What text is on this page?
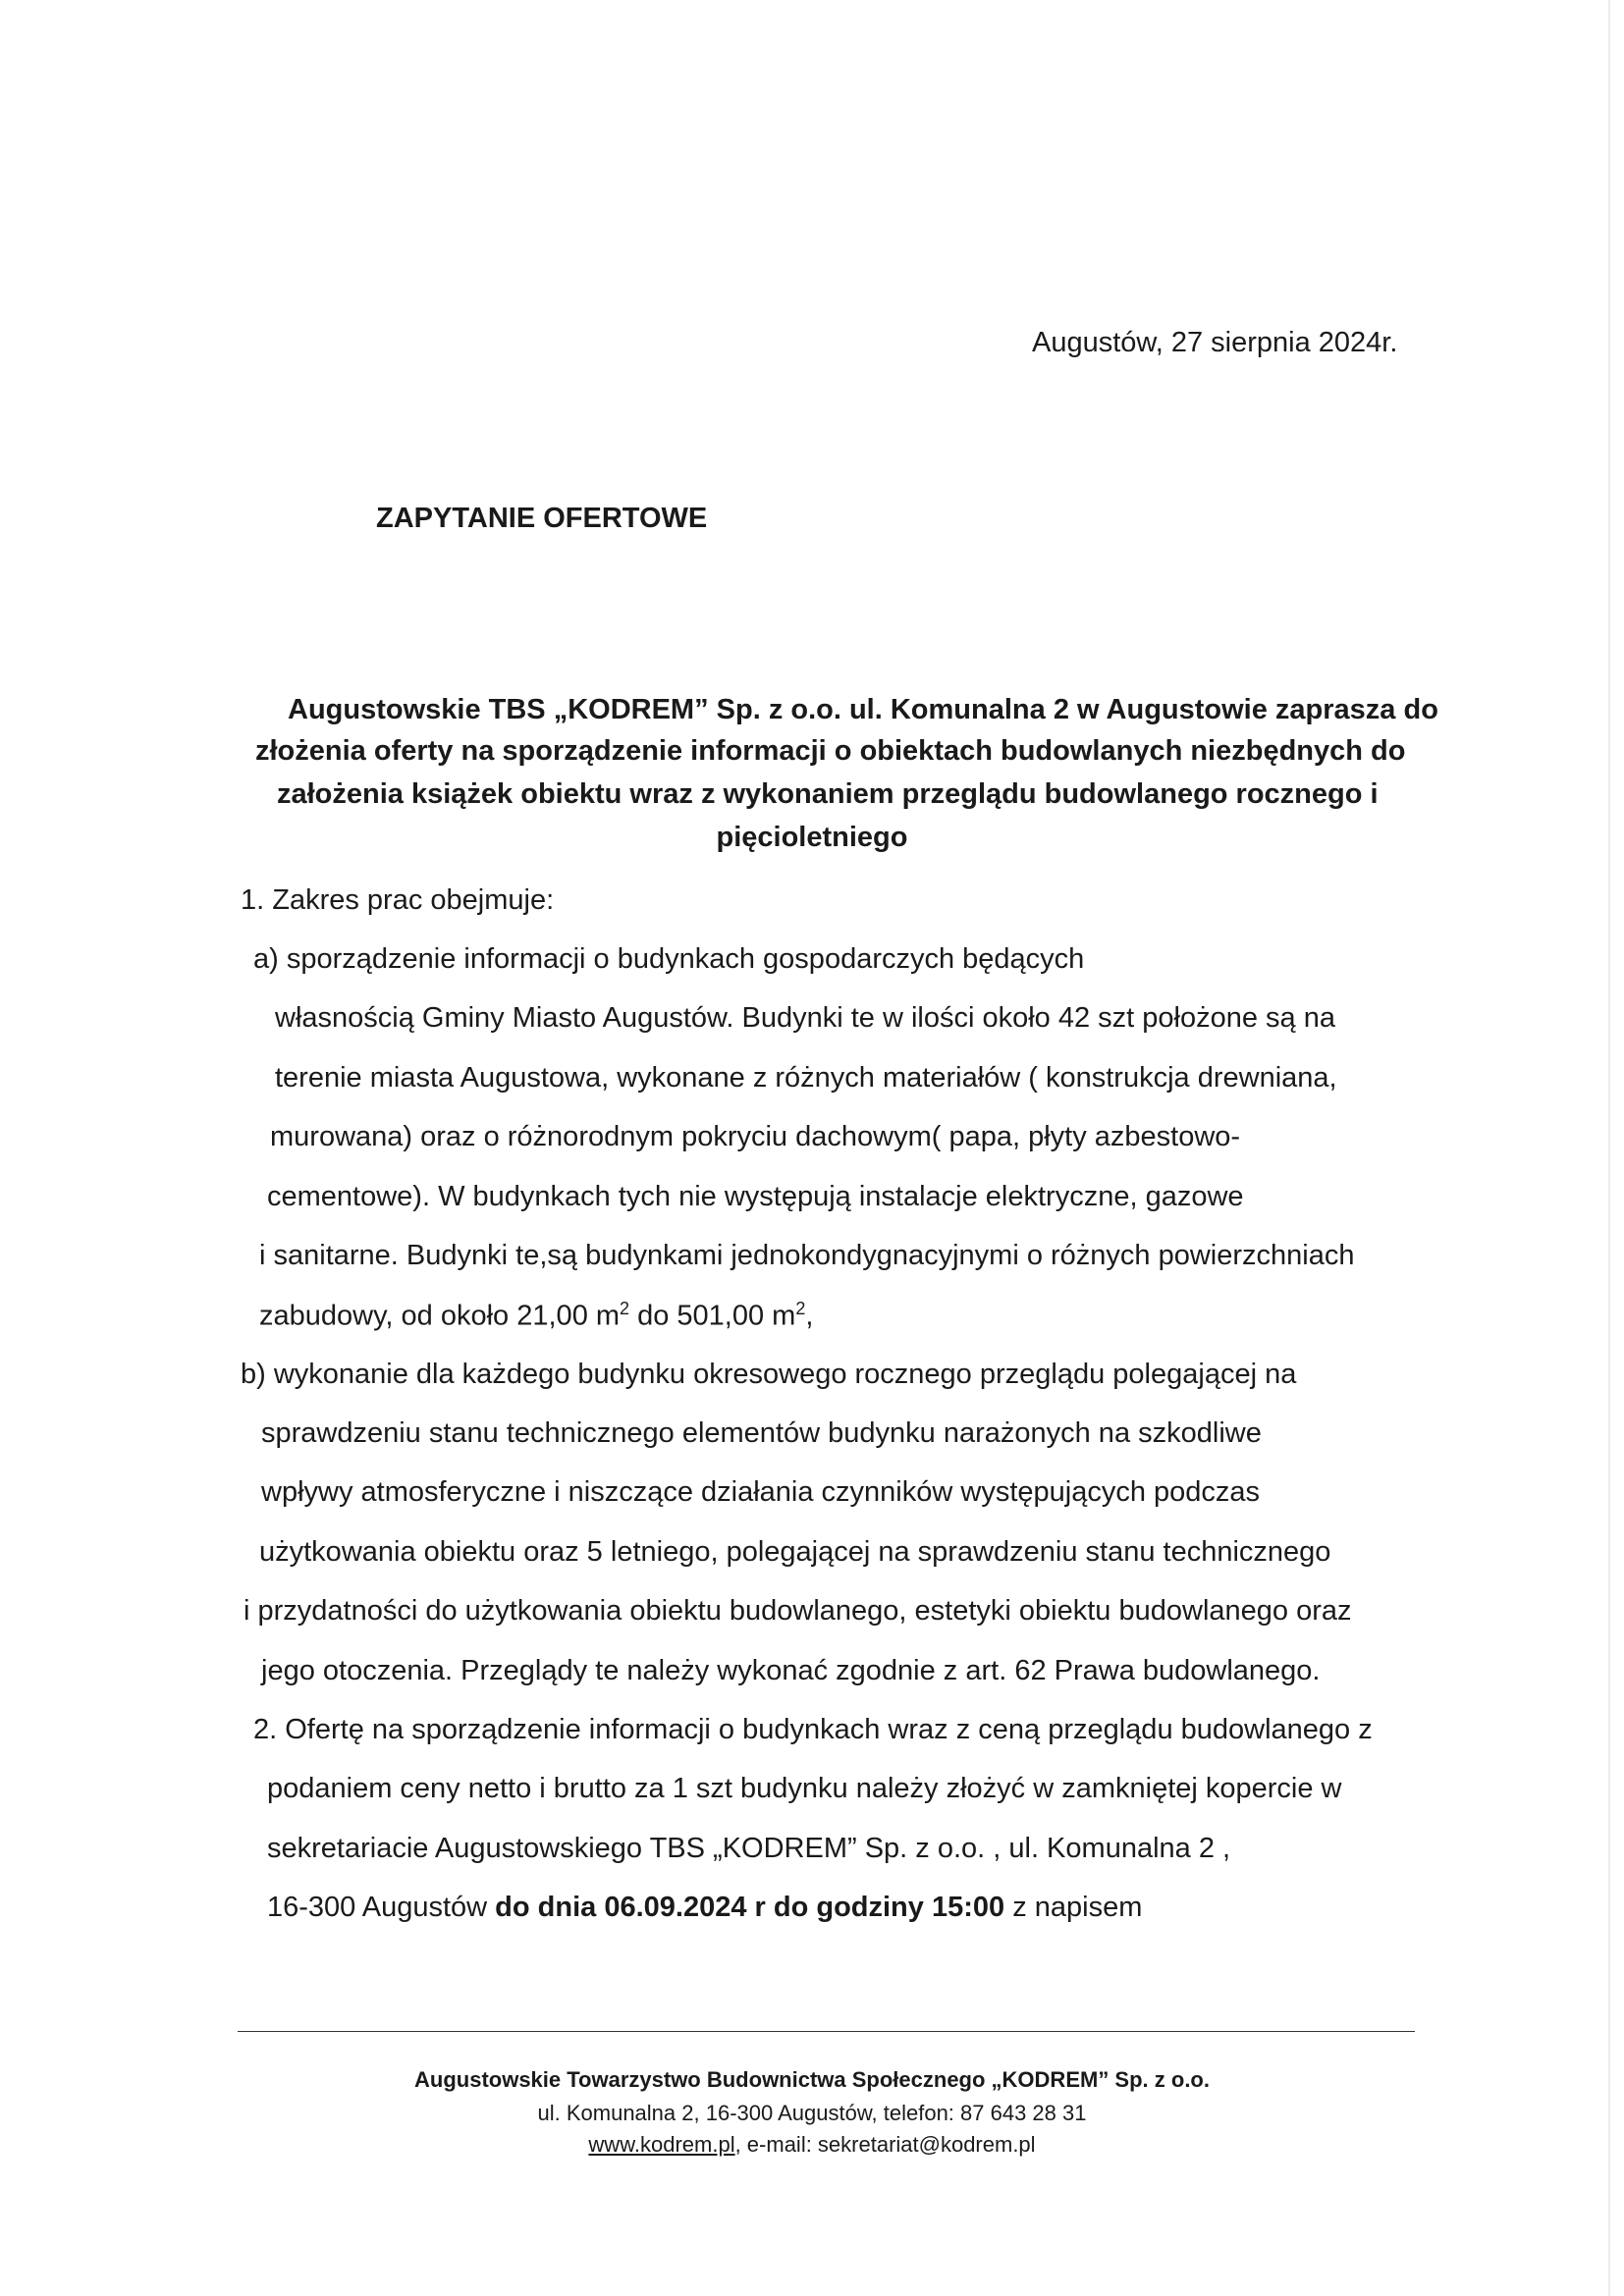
Augustów, 27 sierpnia 2024r.
ZAPYTANIE OFERTOWE
Augustowskie TBS „KODREM” Sp. z o.o. ul. Komunalna 2 w Augustowie zaprasza do
złożenia oferty na sporządzenie informacji o obiektach budowlanych niezbędnych do
założenia książek obiektu wraz z wykonaniem przeglądu budowlanego rocznego i
pięcioletniego
1. Zakres prac obejmuje:
a) sporządzenie informacji o budynkach gospodarczych będących
własnością Gminy Miasto Augustów. Budynki te w ilości około 42 szt położone są na
terenie miasta Augustowa, wykonane z różnych materiałów ( konstrukcja drewniana,
murowana) oraz o różnorodnym pokryciu dachowym( papa, płyty azbestowo-
cementowe). W budynkach tych nie występują instalacje elektryczne, gazowe
i sanitarne. Budynki te,są budynkami jednokondygnacyjnymi o różnych powierzchniach
zabudowy, od około 21,00 $m^2$ do 501,00 $m^2$,
b) wykonanie dla każdego budynku okresowego rocznego przeglądu polegającej na
sprawdzeniu stanu technicznego elementów budynku narażonych na szkodliwe
wpływy atmosferyczne i niszczące działania czynników występujących podczas
użytkowania obiektu oraz 5 letniego, polegającej na sprawdzeniu stanu technicznego
i przydatności do użytkowania obiektu budowlanego, estetyki obiektu budowlanego oraz
jego otoczenia. Przeglądy te należy wykonać zgodnie z art. 62 Prawa budowlanego.
2. Ofertę na sporządzenie informacji o budynkach wraz z ceną przeglądu budowlanego z
podaniem ceny netto i brutto za 1 szt budynku należy złożyć w zamkniętej kopercie w
sekretariacie Augustowskiego TBS „KODREM” Sp. z o.o. , ul. Komunalna 2 ,
16-300 Augustów do dnia 06.09.2024 r do godziny 15:00 z napisem
Augustowskie Towarzystwo Budownictwa Społecznego „KODREM” Sp. z o.o.
ul. Komunalna 2, 16-300 Augustów, telefon: 87 643 28 31
www.kodrem.pl, e-mail: sekretariat@kodrem.pl
